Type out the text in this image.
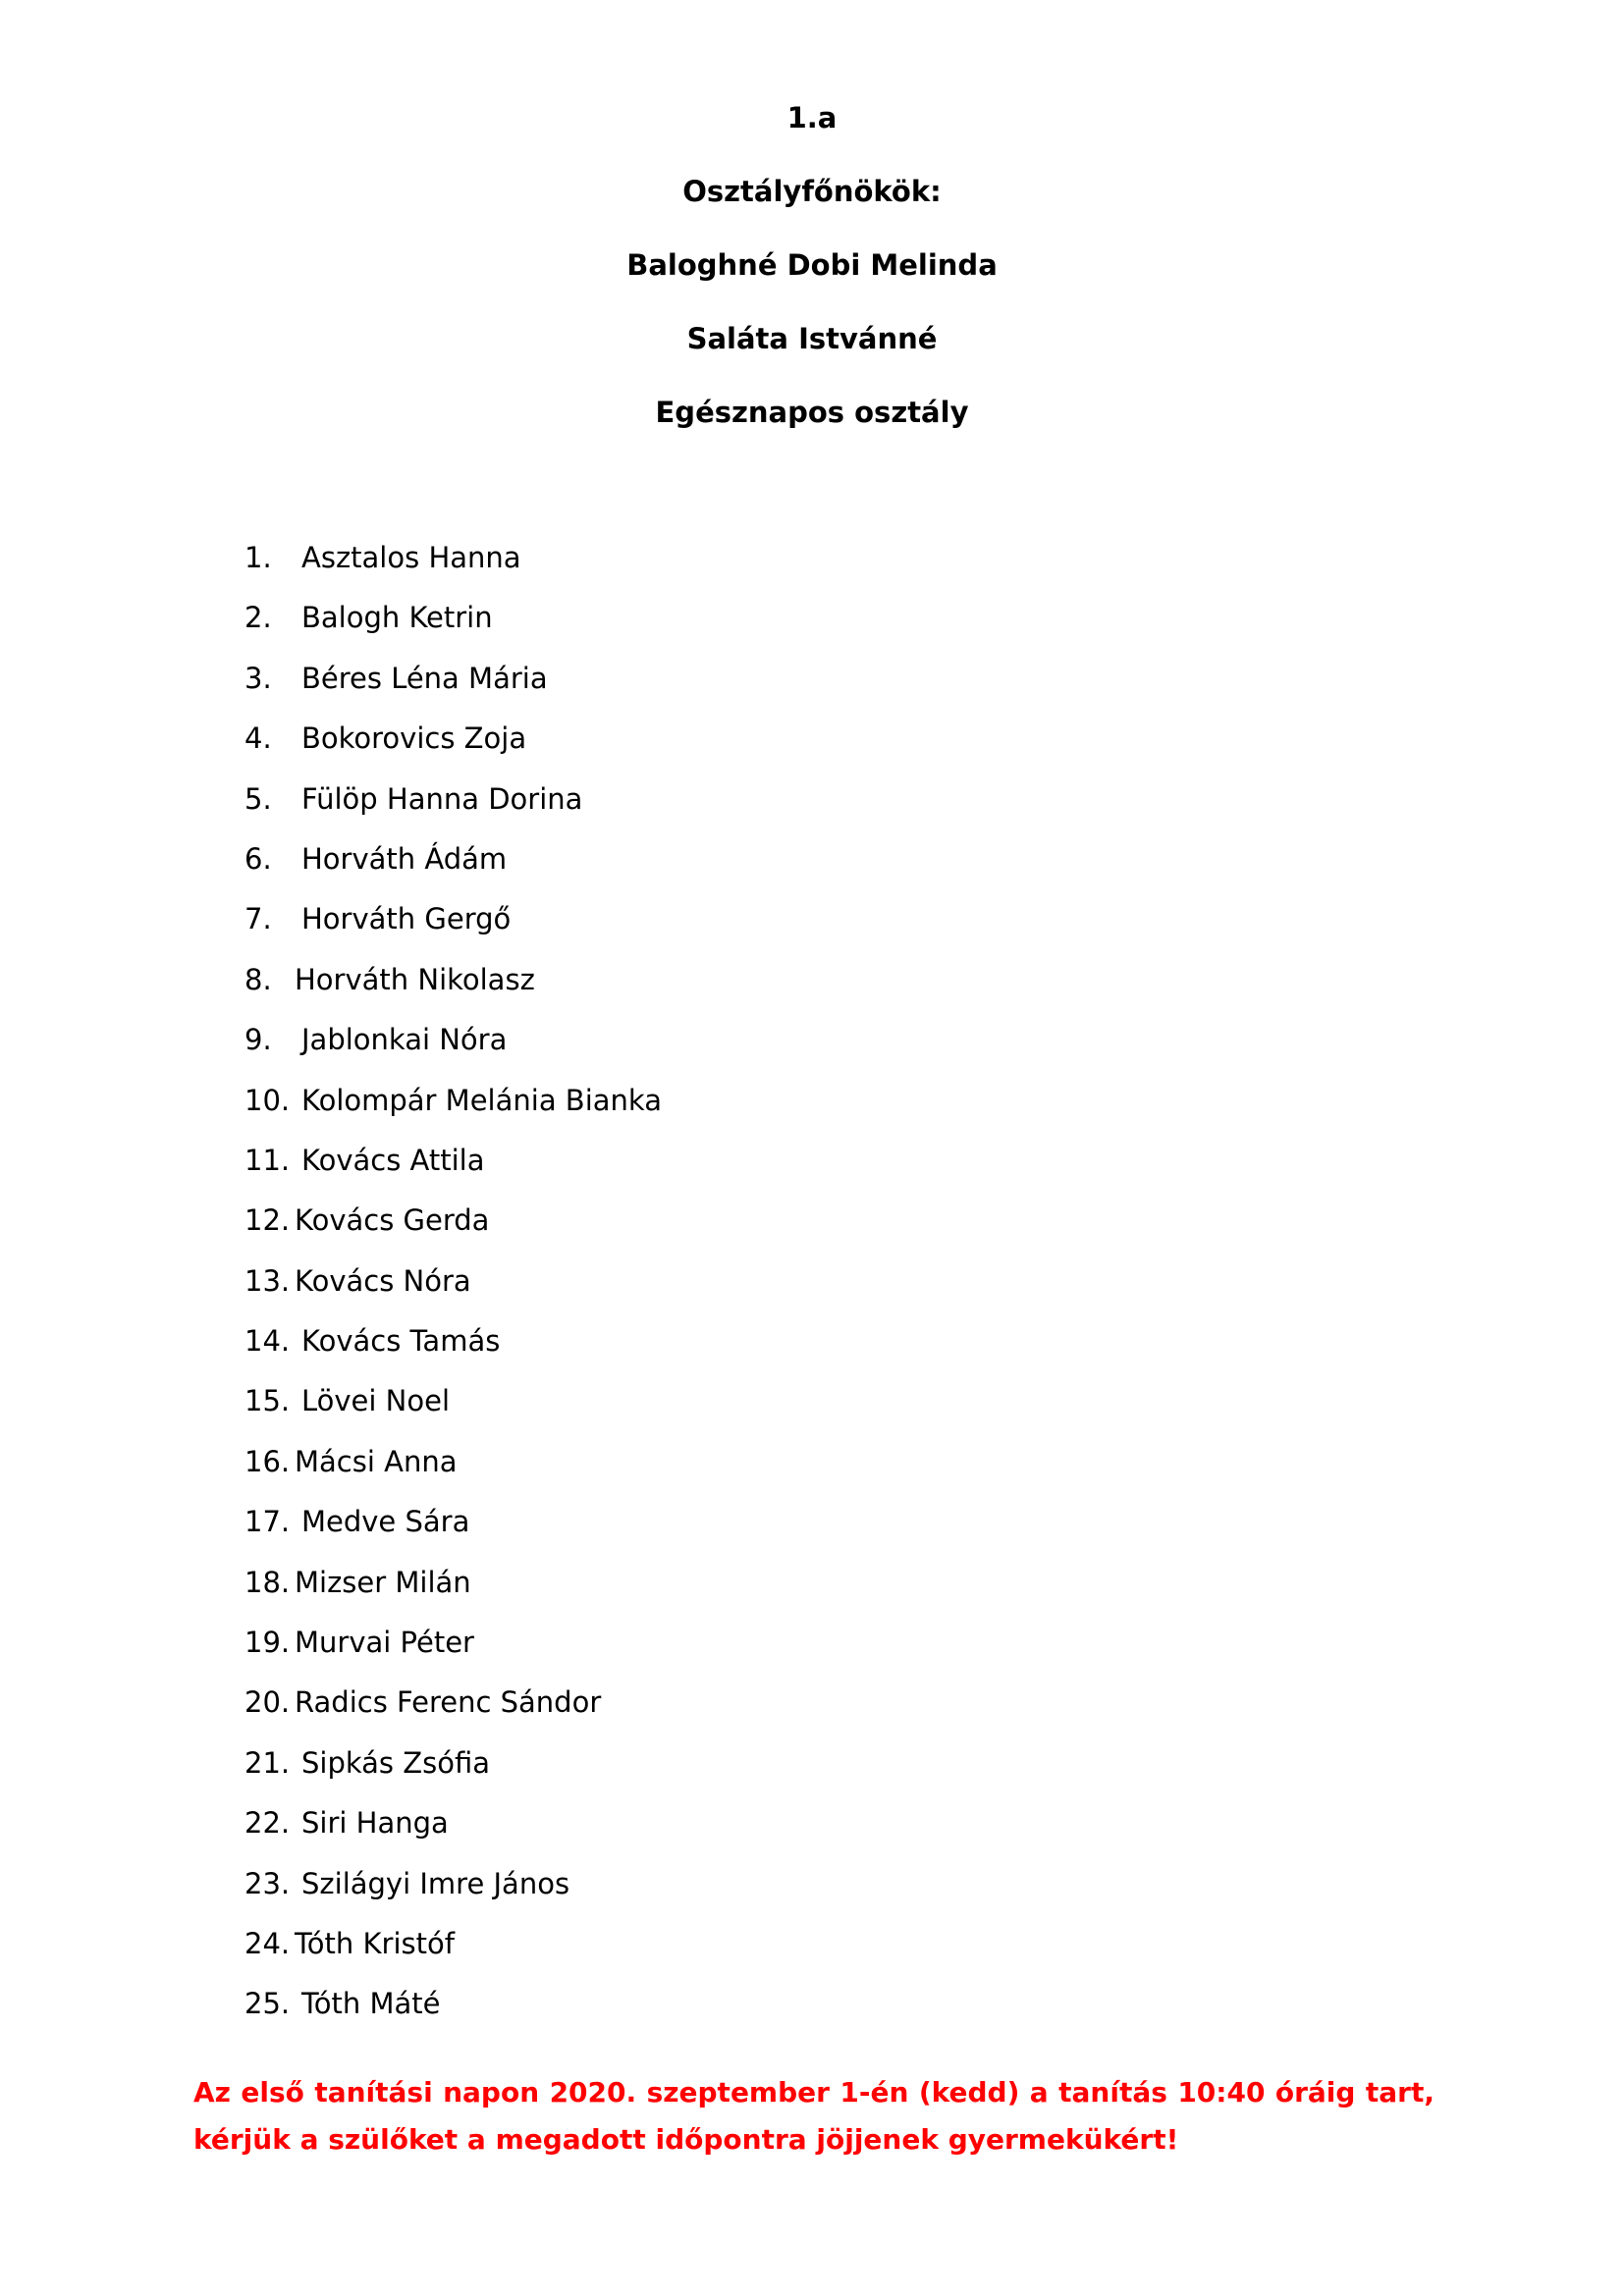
1.a
Osztályfőnökök:
Baloghné Dobi Melinda
Saláta Istvánné
Egésznapos osztály
1. Asztalos Hanna
2. Balogh Ketrin
3. Béres Léna Mária
4. Bokorovics Zoja
5. Fülöp Hanna Dorina
6. Horváth Ádám
7. Horváth Gergő
8. Horváth Nikolasz
9. Jablonkai Nóra
10. Kolompár Melánia Bianka
11. Kovács Attila
12. Kovács Gerda
13. Kovács Nóra
14. Kovács Tamás
15. Lövei Noel
16. Mácsi Anna
17. Medve Sára
18. Mizser Milán
19. Murvai Péter
20. Radics Ferenc Sándor
21. Sipkás Zsófia
22. Siri Hanga
23. Szilágyi Imre János
24. Tóth Kristóf
25. Tóth Máté
Az első tanítási napon 2020. szeptember 1-én (kedd) a tanítás 10:40 óráig tart, kérjük a szülőket a megadott időpontra jöjjenek gyermekükért!
